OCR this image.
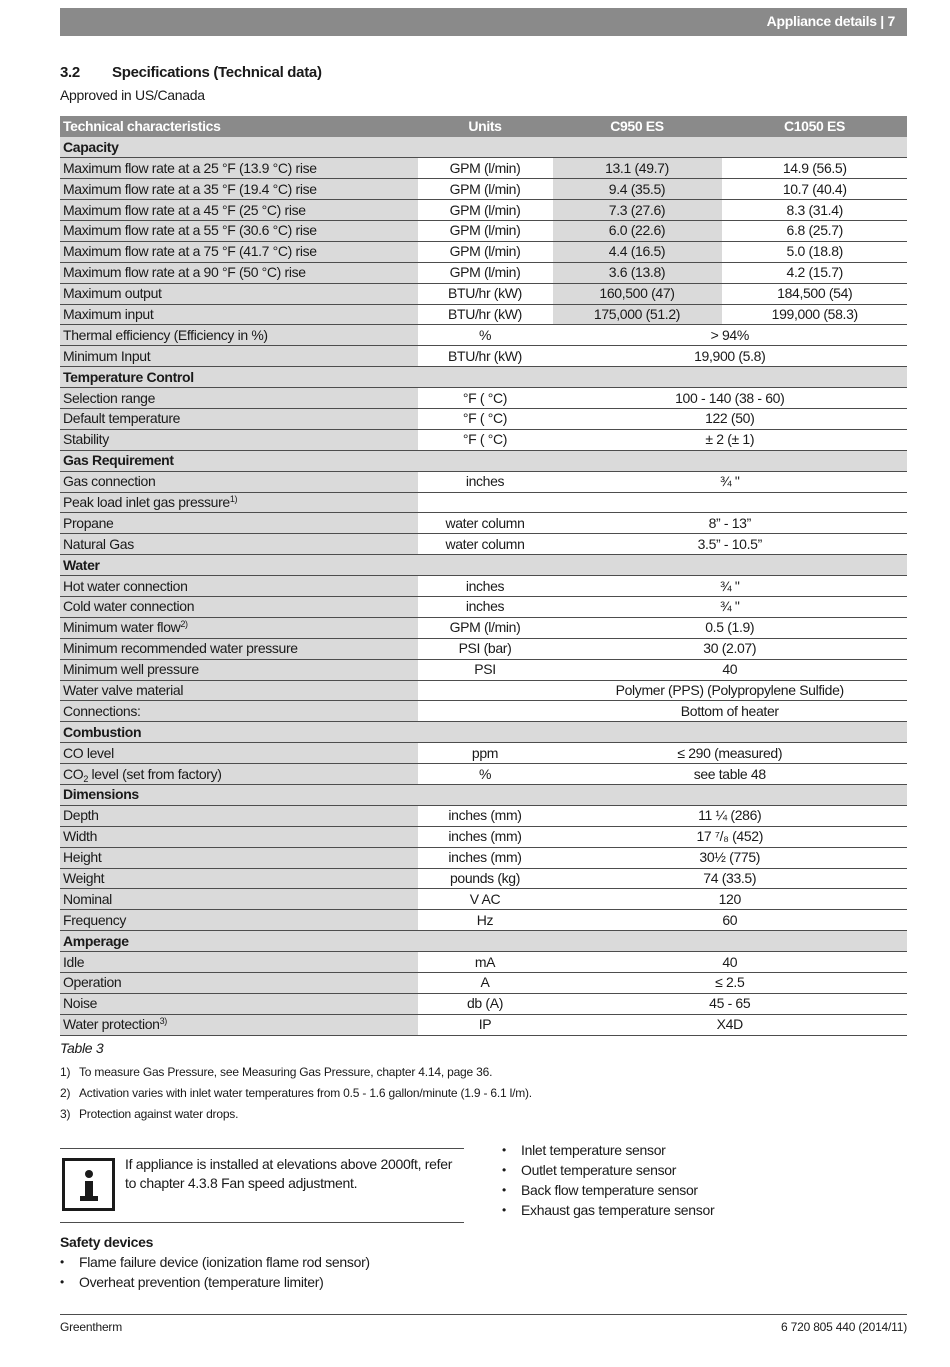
Appliance details | 7
3.2 Specifications (Technical data)
Approved in US/Canada
Technical characteristics	Units	C950 ES	C1050 ES
Capacity			
Maximum flow rate at a 25 °F (13.9 °C) rise	GPM (l/min)	13.1 (49.7)	14.9 (56.5)
Maximum flow rate at a 35 °F (19.4 °C) rise	GPM (l/min)	9.4 (35.5)	10.7 (40.4)
Maximum flow rate at a 45 °F (25 °C) rise	GPM (l/min)	7.3 (27.6)	8.3 (31.4)
Maximum flow rate at a 55 °F (30.6 °C) rise	GPM (l/min)	6.0 (22.6)	6.8 (25.7)
Maximum flow rate at a 75 °F (41.7 °C) rise	GPM (l/min)	4.4 (16.5)	5.0 (18.8)
Maximum flow rate at a 90 °F (50 °C) rise	GPM (l/min)	3.6 (13.8)	4.2 (15.7)
Maximum output	BTU/hr (kW)	160,500 (47)	184,500 (54)
Maximum input	BTU/hr (kW)	175,000 (51.2)	199,000 (58.3)
Thermal efficiency (Efficiency in %)	%	> 94%	
Minimum Input	BTU/hr (kW)	19,900 (5.8)	
Temperature Control			
Selection range	°F ( °C)	100 - 140 (38 - 60)	
Default temperature	°F ( °C)	122 (50)	
Stability	°F ( °C)	± 2 (± 1)	
Gas Requirement			
Gas connection	inches	¾ "	
Peak load inlet gas pressure$^{1)}$		
Propane	water column	8” - 13”	
Natural Gas	water column	3.5” - 10.5”	
Water			
Hot water connection	inches	¾ "	
Cold water connection	inches	¾ "	
Minimum water flow$^{2)}$	GPM (l/min)	0.5 (1.9)	
Minimum recommended water pressure	PSI (bar)	30 (2.07)	
Minimum well pressure	PSI	40	
Water valve material		Polymer (PPS) (Polypropylene Sulfide)	
Connections:		Bottom of heater	
Combustion			
CO level	ppm	≤ 290 (measured)	
$CO_2$ level (set from factory)	%	see table 48	
Dimensions			
Depth	inches (mm)	11 ¼ (286)	
Width	inches (mm)	17 ⁷/₈ (452)	
Height	inches (mm)	30½ (775)	
Weight	pounds (kg)	74 (33.5)	
Nominal	V AC	120	
Frequency	Hz	60	
Amperage			
Idle	mA	40	
Operation	A	≤ 2.5	
Noise	db (A)	45 - 65	
Water protection$^{3)}$	IP	X4D	
Table 3
1) To measure Gas Pressure, see Measuring Gas Pressure, chapter 4.14, page 36.
2) Activation varies with inlet water temperatures from 0.5 - 1.6 gallon/minute (1.9 - 6.1 l/m).
3) Protection against water drops.
If appliance is installed at elevations above 2000ft, refer to chapter 4.3.8 Fan speed adjustment.
Safety devices
• Flame failure device (ionization flame rod sensor)
• Overheat prevention (temperature limiter)
• Inlet temperature sensor
• Outlet temperature sensor
• Back flow temperature sensor
• Exhaust gas temperature sensor
Greentherm	6 720 805 440 (2014/11)
